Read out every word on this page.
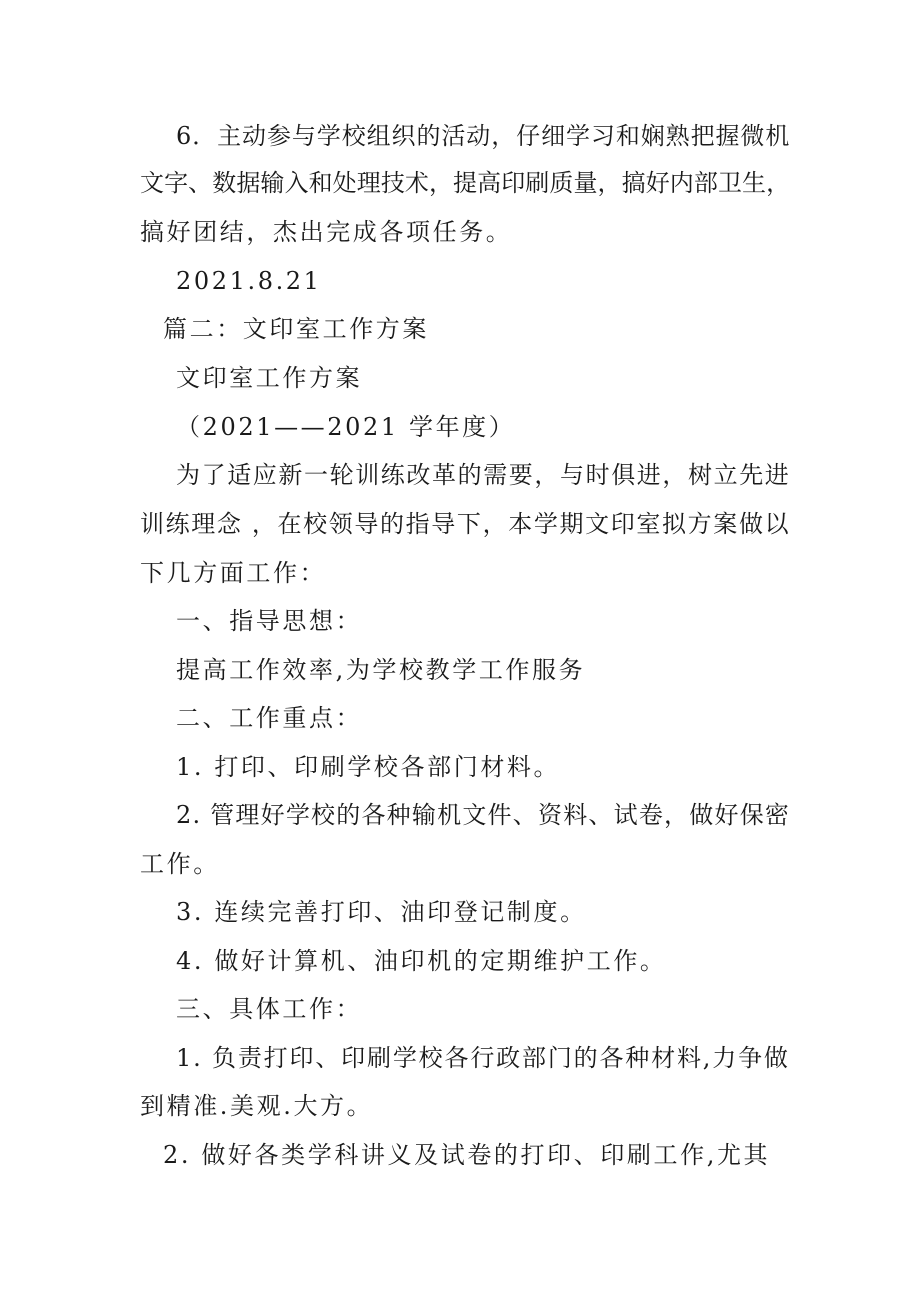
6．主动参与学校组织的活动，仔细学习和娴熟把握微机
文字、数据输入和处理技术，提高印刷质量，搞好内部卫生，
搞好团结，杰出完成各项任务。
2021.8.21
篇二：文印室工作方案
文印室工作方案
（2021——2021 学年度）
为了适应新一轮训练改革的需要，与时俱进，树立先进
训练理念 ，在校领导的指导下，本学期文印室拟方案做以
下几方面工作：
一、指导思想：
提高工作效率,为学校教学工作服务
二、工作重点：
1. 打印、印刷学校各部门材料。
2. 管理好学校的各种输机文件、资料、试卷，做好保密
工作。
3. 连续完善打印、油印登记制度。
4. 做好计算机、油印机的定期维护工作。
三、具体工作：
1. 负责打印、印刷学校各行政部门的各种材料,力争做
到精准.美观.大方。
2. 做好各类学科讲义及试卷的打印、印刷工作,尤其
